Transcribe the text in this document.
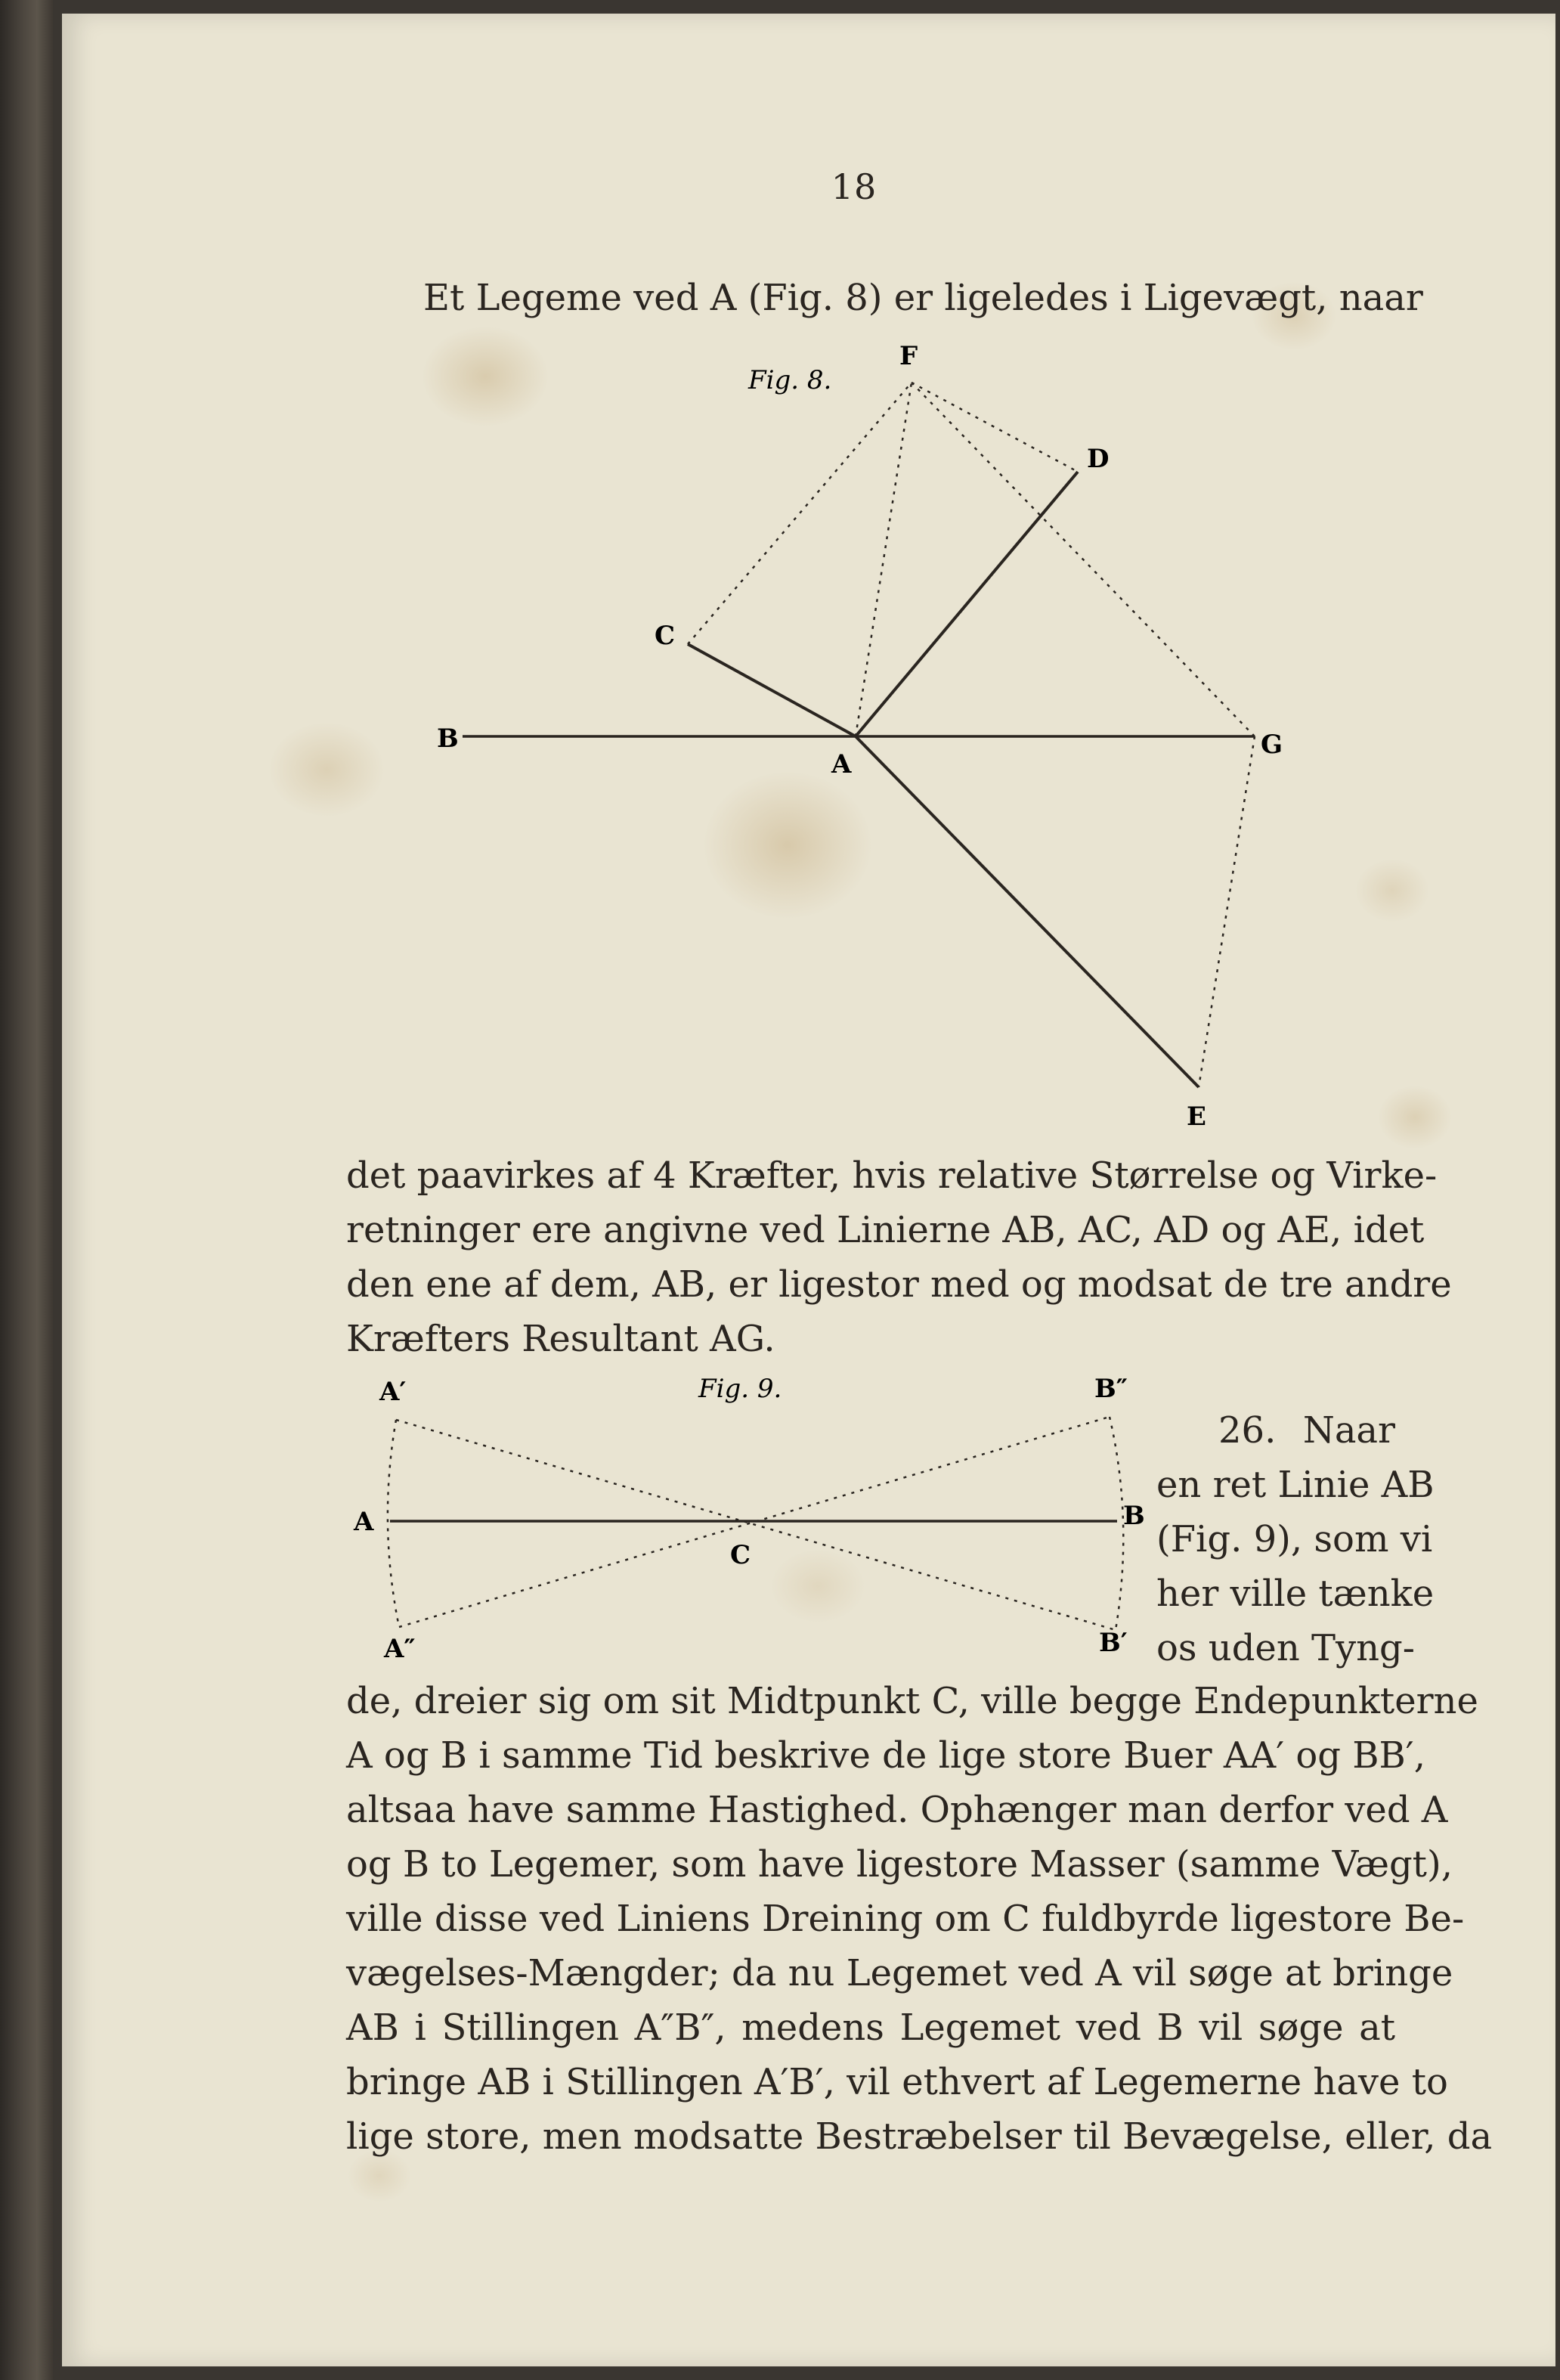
18
Et Legeme ved A (Fig. 8) er ligeledes i Ligevægt, naar
Fig. 8.
F
D
C
B
A
G
E
det paavirkes af 4 Kræfter, hvis relative Størrelse og Virke-
retninger ere angivne ved Linierne AB, AC, AD og AE, idet
den ene af dem, AB, er ligestor med og modsat de tre andre
Kræfters Resultant AG.
Fig. 9.
A′	B″
A	B
C
A″	B′
26. Naar
en ret Linie AB
(Fig. 9), som vi
her ville tænke
os uden Tyng-
de, dreier sig om sit Midtpunkt C, ville begge Endepunkterne
A og B i samme Tid beskrive de lige store Buer AA′ og BB′,
altsaa have samme Hastighed. Ophænger man derfor ved A
og B to Legemer, som have ligestore Masser (samme Vægt),
ville disse ved Liniens Dreining om C fuldbyrde ligestore Be-
vægelses-Mængder; da nu Legemet ved A vil søge at bringe
AB i Stillingen A″B″, medens Legemet ved B vil søge at
bringe AB i Stillingen A′B′, vil ethvert af Legemerne have to
lige store, men modsatte Bestræbelser til Bevægelse, eller, da
